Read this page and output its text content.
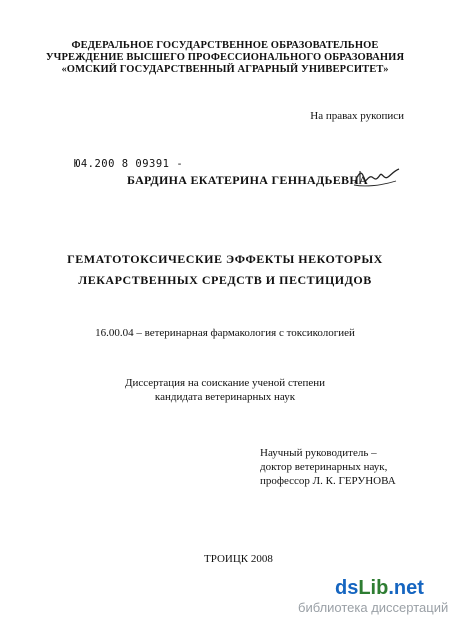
ФЕДЕРАЛЬНОЕ ГОСУДАРСТВЕННОЕ ОБРАЗОВАТЕЛЬНОЕ
УЧРЕЖДЕНИЕ ВЫСШЕГО ПРОФЕССИОНАЛЬНОГО ОБРАЗОВАНИЯ
«ОМСКИЙ ГОСУДАРСТВЕННЫЙ АГРАРНЫЙ УНИВЕРСИТЕТ»
На правах рукописи
Ю4.200 8 09391 -
БАРДИНА ЕКАТЕРИНА ГЕННАДЬЕВНА
ГЕМАТОТОКСИЧЕСКИЕ ЭФФЕКТЫ НЕКОТОРЫХ
ЛЕКАРСТВЕННЫХ СРЕДСТВ И ПЕСТИЦИДОВ
16.00.04 – ветеринарная фармакология с токсикологией
Диссертация на соискание ученой степени
кандидата ветеринарных наук
Научный руководитель –
доктор ветеринарных наук,
профессор Л. К. ГЕРУНОВА
ТРОИЦК 2008
dsLib.net
библиотека диссертаций
